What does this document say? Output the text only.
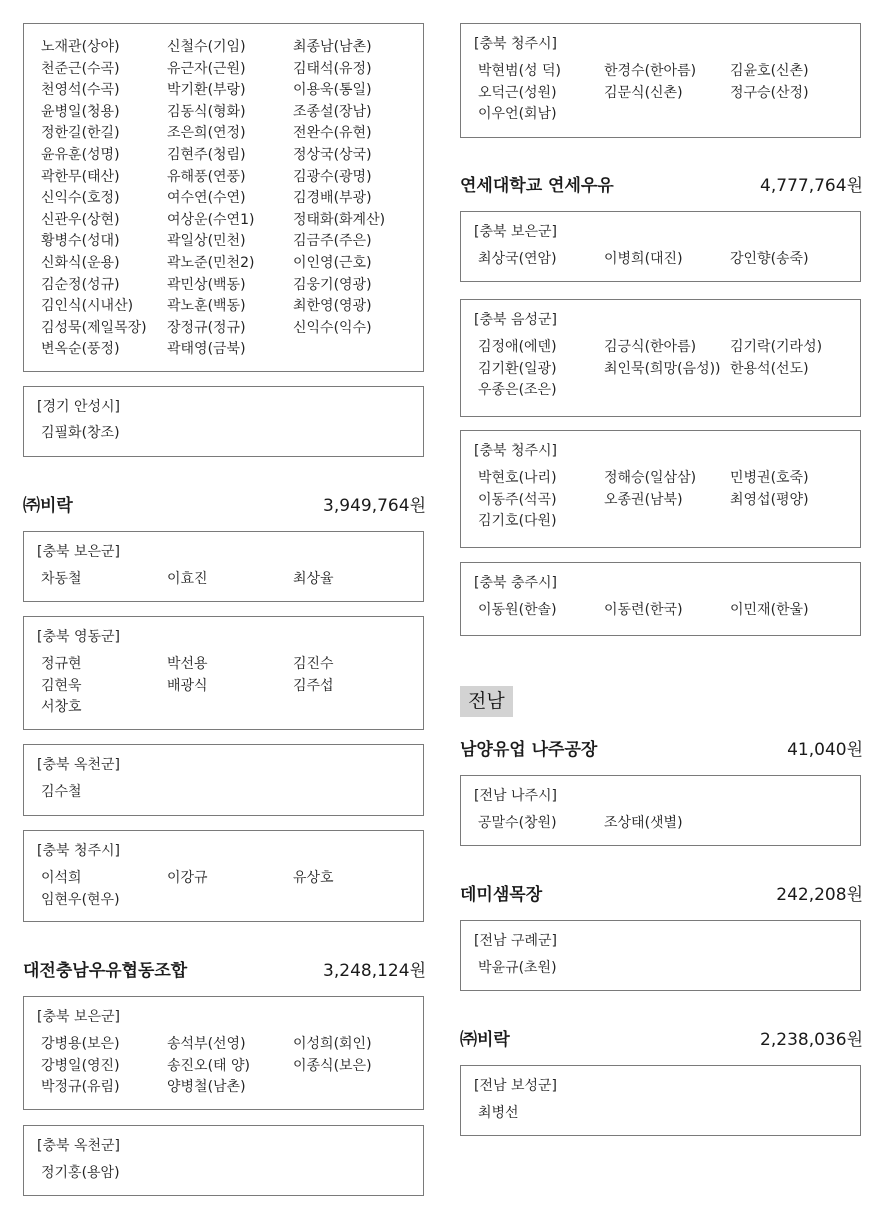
노재관(상야)	신철수(기임)	최종남(남촌)
천준근(수곡)	유근자(근원)	김태석(유정)
천영석(수곡)	박기환(부랑)	이용욱(통일)
윤병일(청용)	김동식(형화)	조종설(장남)
정한길(한길)	조은희(연정)	전완수(유현)
윤유훈(성명)	김현주(청림)	정상국(상국)
곽한무(태산)	유해풍(연풍)	김광수(광명)
신익수(호정)	여수연(수연)	김경배(부광)
신관우(상현)	여상운(수연1)	정태화(화계산)
황병수(성대)	곽일상(민천)	김금주(주은)
신화식(운용)	곽노준(민천2)	이인영(근호)
김순정(성규)	곽민상(백동)	김웅기(영광)
김인식(시내산)	곽노훈(백동)	최한영(영광)
김성묵(제일목장)	장정규(정규)	신익수(익수)
변옥순(풍정)	곽태영(금북)
[경기 안성시]
김필화(창조)
㈜비락	3,949,764원
[충북 보은군]
차동철	이효진	최상율
[충북 영동군]
정규현	박선용	김진수
김현욱	배광식	김주섭
서창호
[충북 옥천군]
김수철
[충북 청주시]
이석희	이강규	유상호
임현우(현우)
대전충남우유협동조합	3,248,124원
[충북 보은군]
강병용(보은)	송석부(선영)	이성희(회인)
강병일(영진)	송진오(태 양)	이종식(보은)
박정규(유림)	양병철(남촌)
[충북 옥천군]
정기홍(용암)
[충북 청주시]
박현범(성 덕)	한경수(한아름)	김윤호(신촌)
오덕근(성원)	김문식(신촌)	정구승(산정)
이우언(회남)
연세대학교 연세우유	4,777,764원
[충북 보은군]
최상국(연암)	이병희(대진)	강인향(송죽)
[충북 음성군]
김정애(에덴)	김긍식(한아름)	김기락(기라성)
김기환(일광)	최인묵(희망(음성)) 한용석(선도)
우종은(조은)
[충북 청주시]
박현호(나리)	정해승(일삼삼)	민병권(호죽)
이동주(석곡)	오종권(남북)	최영섭(평양)
김기호(다원)
[충북 충주시]
이동원(한솔)	이동련(한국)	이민재(한울)
전남
남양유업 나주공장	41,040원
[전남 나주시]
공말수(창원)	조상태(샛별)
데미샘목장	242,208원
[전남 구례군]
박윤규(초원)
㈜비락	2,238,036원
[전남 보성군]
최병선
